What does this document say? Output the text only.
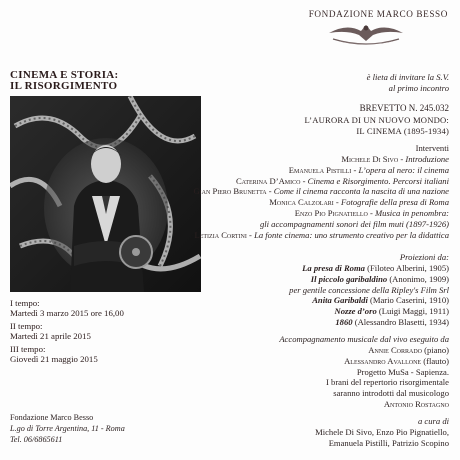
FONDAZIONE MARCO BESSO
CINEMA E STORIA:
IL RISORGIMENTO
I tempo:
Martedì 3 marzo 2015 ore 16,00
II tempo:
Martedì 21 aprile 2015
III tempo:
Giovedì 21 maggio 2015
Fondazione Marco Besso
L.go di Torre Argentina, 11 - Roma
Tel. 06/6865611
è lieta di invitare la S.V.
al primo incontro
BREVETTO N. 245.032
L’AURORA DI UN NUOVO MONDO:
IL CINEMA (1895-1934)
Interventi
Michele Di Sivo - Introduzione
Emanuela Pistilli - L’opera al nero: il cinema
Caterina D’Amico - Cinema e Risorgimento. Percorsi italiani
Gian Piero Brunetta - Come il cinema racconta la nascita di una nazione
Monica Calzolari - Fotografie della presa di Roma
Enzo Pio Pignatiello - Musica in penombra:
gli accompagnamenti sonori dei film muti (1897-1926)
Letizia Cortini - La fonte cinema: uno strumento creativo per la didattica
Proiezioni da:
La presa di Roma (Filoteo Alberini, 1905)
Il piccolo garibaldino (Anonimo, 1909)
per gentile concessione della Ripley's Film Srl
Anita Garibaldi (Mario Caserini, 1910)
Nozze d’oro (Luigi Maggi, 1911)
1860 (Alessandro Blasetti, 1934)
Accompagnamento musicale dal vivo eseguito da
Annie Corrado (piano)
Alessandro Avallone (flauto)
Progetto MuSa - Sapienza.
I brani del repertorio risorgimentale
saranno introdotti dal musicologo
Antonio Rostagno
a cura di
Michele Di Sivo, Enzo Pio Pignatiello,
Emanuela Pistilli, Patrizio Scopino
